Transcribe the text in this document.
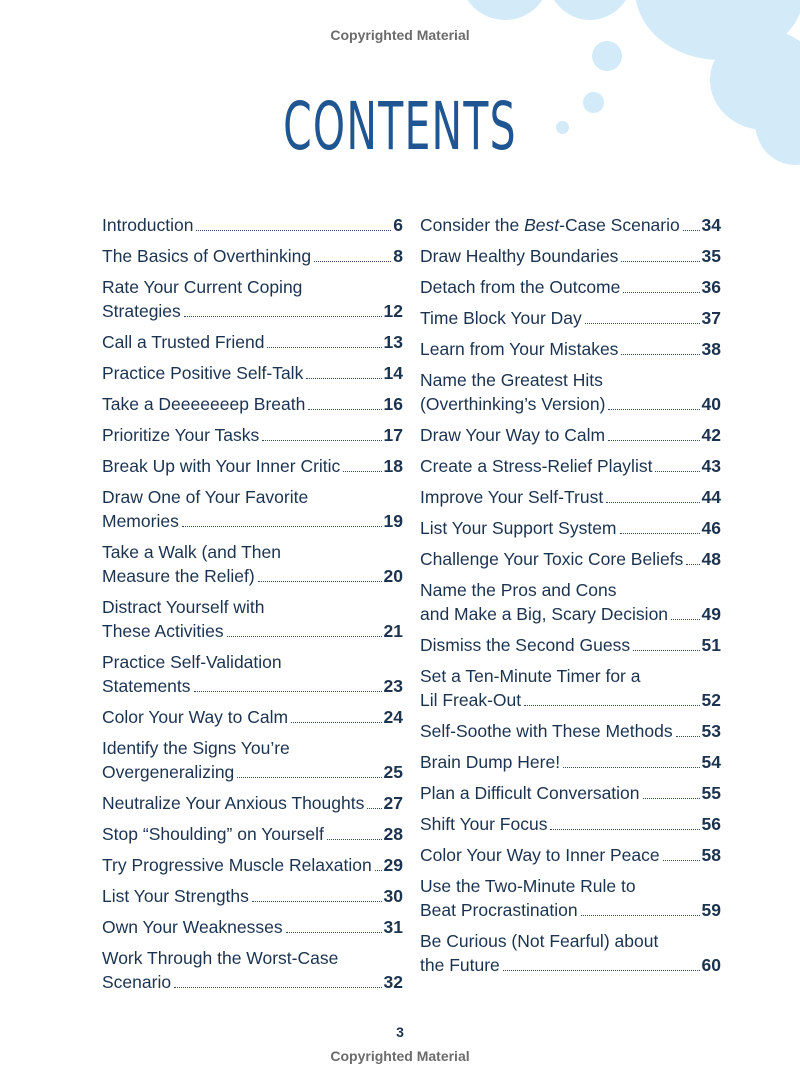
Copyrighted Material
CONTENTS
Introduction	6
The Basics of Overthinking	8
Rate Your Current Coping
Strategies	12
Call a Trusted Friend	13
Practice Positive Self-Talk	14
Take a Deeeeeeep Breath	16
Prioritize Your Tasks	17
Break Up with Your Inner Critic 18
Draw One of Your Favorite
Memories	19
Take a Walk (and Then
Measure the Relief)	20
Distract Yourself with
These Activities	21
Practice Self-Validation
Statements	23
Color Your Way to Calm	24
Identify the Signs You’re
Overgeneralizing	25
Neutralize Your Anxious Thoughts 27
Stop “Shoulding” on Yourself	28
Try Progressive Muscle Relaxation 29
List Your Strengths	30
Own Your Weaknesses	31
Work Through the Worst-Case
Scenario	32
Consider the Best-Case Scenario 34
Draw Healthy Boundaries	35
Detach from the Outcome	36
Time Block Your Day	37
Learn from Your Mistakes	38
Name the Greatest Hits
(Overthinking’s Version)	40
Draw Your Way to Calm	42
Create a Stress-Relief Playlist	43
Improve Your Self-Trust	44
List Your Support System	46
Challenge Your Toxic Core Beliefs 48
Name the Pros and Cons
and Make a Big, Scary Decision 49
Dismiss the Second Guess	51
Set a Ten-Minute Timer for a
Lil Freak-Out	52
Self-Soothe with These Methods 53
Brain Dump Here!	54
Plan a Difficult Conversation	55
Shift Your Focus	56
Color Your Way to Inner Peace 58
Use the Two-Minute Rule to
Beat Procrastination	59
Be Curious (Not Fearful) about
the Future	60
3
Copyrighted Material
